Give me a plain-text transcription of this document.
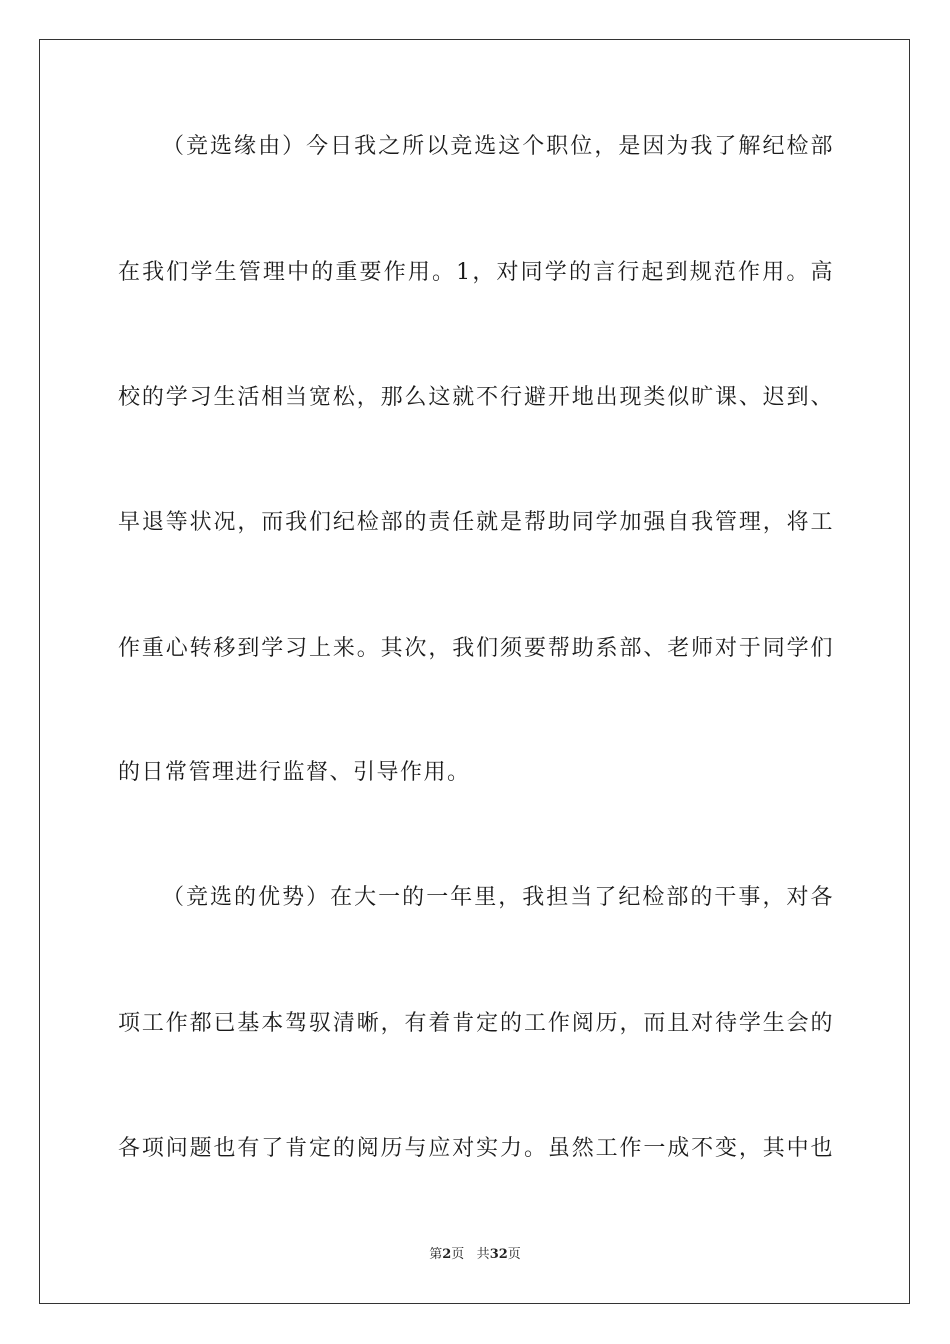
（竞选缘由）今日我之所以竞选这个职位，是因为我了解纪检部
在我们学生管理中的重要作用。1，对同学的言行起到规范作用。高
校的学习生活相当宽松，那么这就不行避开地出现类似旷课、迟到、
早退等状况，而我们纪检部的责任就是帮助同学加强自我管理，将工
作重心转移到学习上来。其次，我们须要帮助系部、老师对于同学们
的日常管理进行监督、引导作用。
（竞选的优势）在大一的一年里，我担当了纪检部的干事，对各
项工作都已基本驾驭清晰，有着肯定的工作阅历，而且对待学生会的
各项问题也有了肯定的阅历与应对实力。虽然工作一成不变，其中也
第2页 共32页
